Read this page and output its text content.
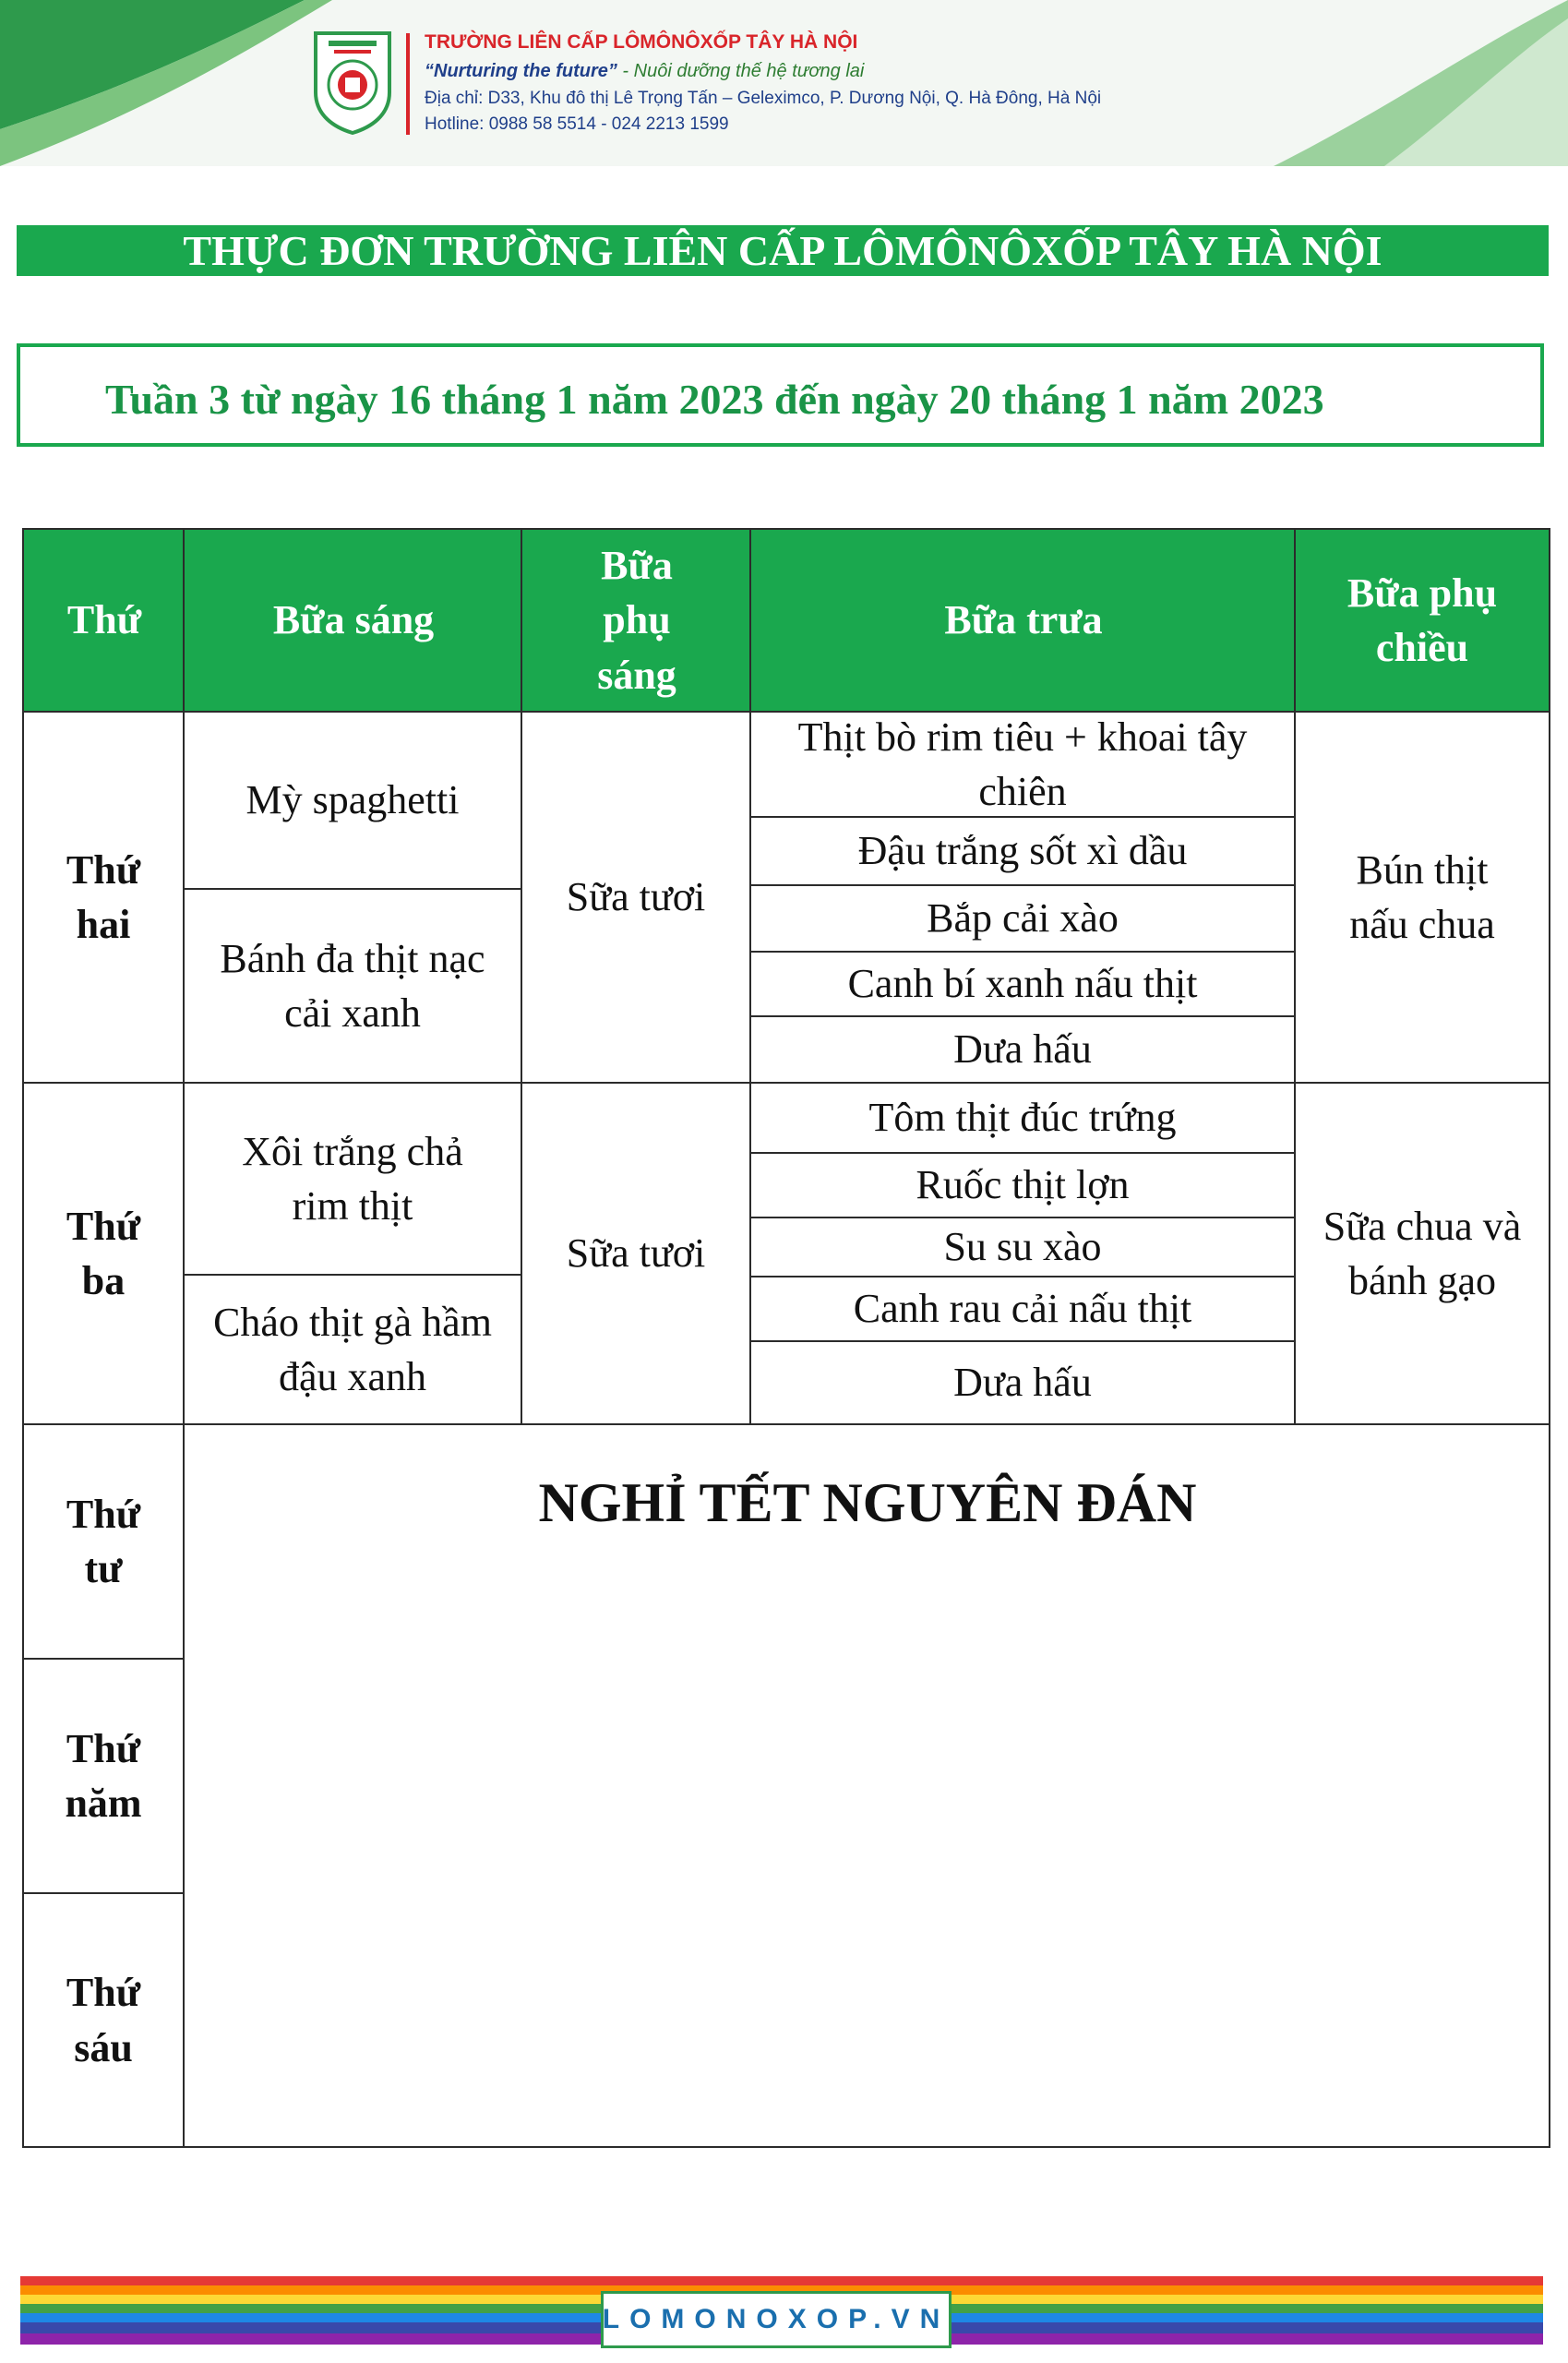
TRƯỜNG LIÊN CẤP LÔMÔNÔXỐP TÂY HÀ NỘI
“Nurturing the future” - Nuôi dưỡng thế hệ tương lai
Địa chỉ: D33, Khu đô thị Lê Trọng Tấn – Geleximco, P. Dương Nội, Q. Hà Đông, Hà Nội
Hotline: 0988 58 5514 - 024 2213 1599
THỰC ĐƠN TRƯỜNG LIÊN CẤP LÔMÔNÔXỐP TÂY HÀ NỘI
Tuần 3 từ ngày 16 tháng 1 năm 2023 đến ngày 20 tháng 1 năm 2023
Thứ	Bữa sáng
Bữa phụ sáng
Bữa trưa
Bữa phụ chiều
Thứ hai
Mỳ spaghetti
Bánh đa thịt nạc cải xanh
Sữa tươi
Thịt bò rim tiêu + khoai tây chiên
Đậu trắng sốt xì dầu
Bắp cải xào
Canh bí xanh nấu thịt
Dưa hấu
Bún thịt nấu chua
Thứ ba
Xôi trắng chả rim thịt
Cháo thịt gà hầm đậu xanh
Sữa tươi
Tôm thịt đúc trứng
Ruốc thịt lợn
Su su xào
Canh rau cải nấu thịt
Dưa hấu
Sữa chua và bánh gạo
Thứ tư
Thứ năm
Thứ sáu
NGHỈ TẾT NGUYÊN ĐÁN
LOMONOXOP.VN
